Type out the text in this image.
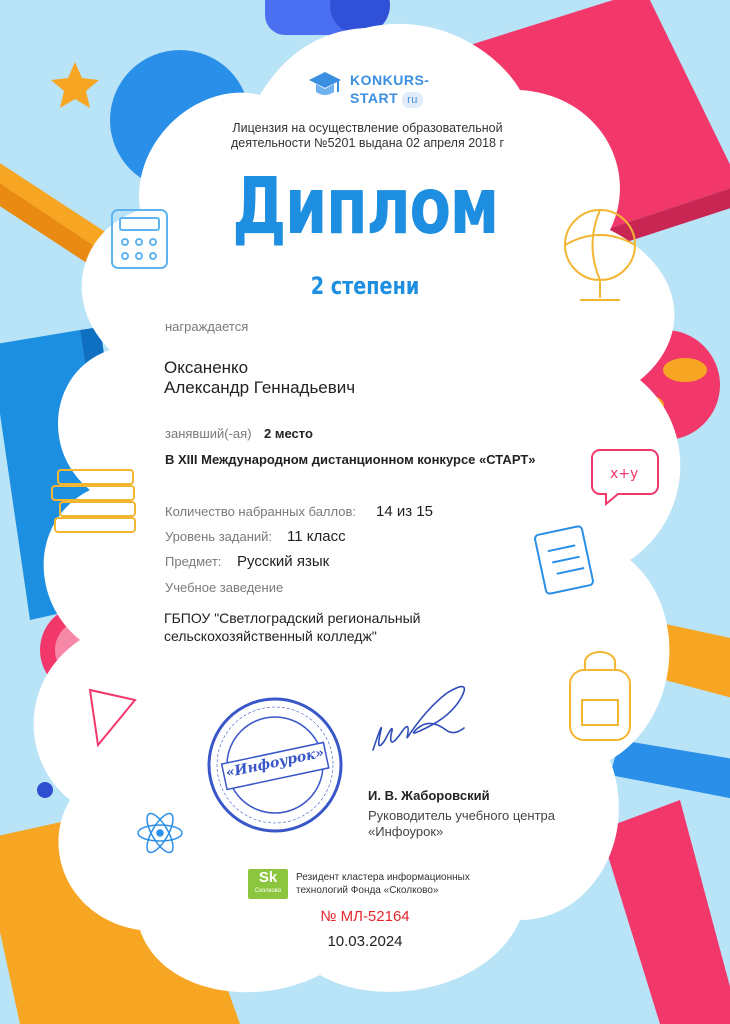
x+y
KONKURS-
START ru
Лицензия на осуществление образовательной
деятельности №5201 выдана 02 апреля 2018 г
Диплом
2 степени
награждается
Оксаненко
Александр Геннадьевич
занявший(-ая) 2 место
В XIII Международном дистанционном конкурсе «СТАРТ»
Количество набранных баллов: 14 из 15
Уровень заданий: 11 класс
Предмет: Русский язык
Учебное заведение
ГБПОУ "Светлоградский региональный
сельскохозяйственный колледж"
«Инфоурок»
И. В. Жаборовский
Руководитель учебного центра
«Инфоурок»
Sk
Сколково
Резидент кластера информационных
технологий Фонда «Сколково»
№ МЛ-52164
10.03.2024
